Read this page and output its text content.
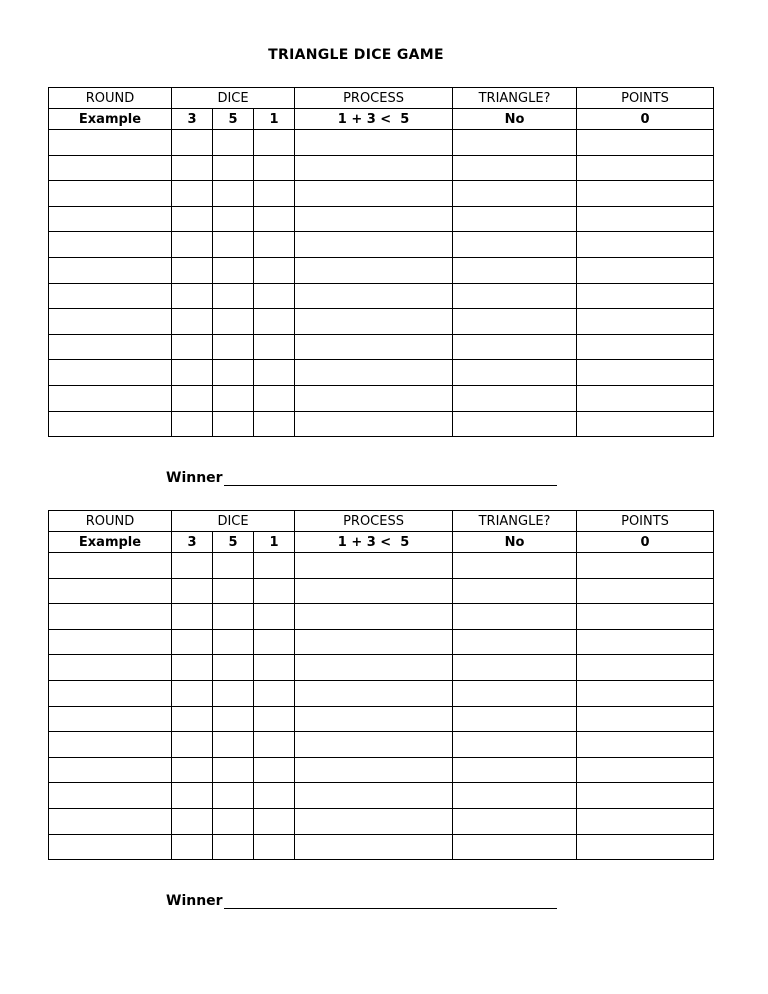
TRIANGLE DICE GAME
ROUND	DICE			PROCESS	TRIANGLE?	POINTS
Example	3	5	1	1 + 3 <  5	No	0

Winner
ROUND	DICE			PROCESS	TRIANGLE?	POINTS
Example	3	5	1	1 + 3 <  5	No	0

Winner
